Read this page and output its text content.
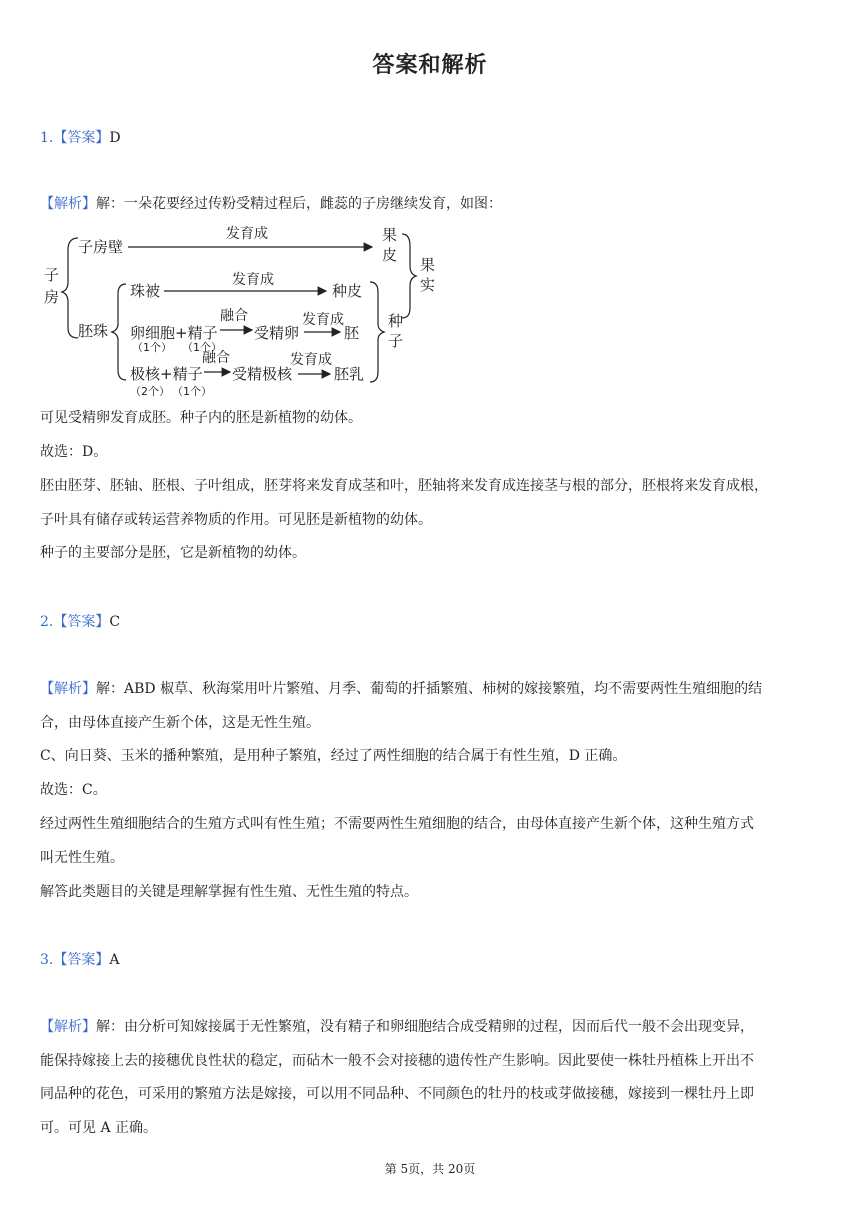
答案和解析
1.【答案】D
【解析】解：一朵花要经过传粉受精过程后，雌蕊的子房继续发育，如图：
子
房
子房壁
发育成	果
皮
胚珠
珠被
发育成
种皮
卵细胞+精子
（1个） （1个）
融合
受精卵
发育成
胚
极核+精子
（2个） （1个）
融合
受精极核
发育成
胚乳
种
子
果
实
可见受精卵发育成胚。种子内的胚是新植物的幼体。
故选：D。
胚由胚芽、胚轴、胚根、子叶组成，胚芽将来发育成茎和叶，胚轴将来发育成连接茎与根的部分，胚根将来发育成根，
子叶具有储存或转运营养物质的作用。可见胚是新植物的幼体。
种子的主要部分是胚，它是新植物的幼体。
2.【答案】C
【解析】解：ABD 椒草、秋海棠用叶片繁殖、月季、葡萄的扦插繁殖、柿树的嫁接繁殖，均不需要两性生殖细胞的结
合，由母体直接产生新个体，这是无性生殖。
C、向日葵、玉米的播种繁殖，是用种子繁殖，经过了两性细胞的结合属于有性生殖，D 正确。
故选：C。
经过两性生殖细胞结合的生殖方式叫有性生殖；不需要两性生殖细胞的结合，由母体直接产生新个体，这种生殖方式
叫无性生殖。
解答此类题目的关键是理解掌握有性生殖、无性生殖的特点。
3.【答案】A
【解析】解：由分析可知嫁接属于无性繁殖，没有精子和卵细胞结合成受精卵的过程，因而后代一般不会出现变异，
能保持嫁接上去的接穗优良性状的稳定，而砧木一般不会对接穗的遗传性产生影响。因此要使一株牡丹植株上开出不
同品种的花色，可采用的繁殖方法是嫁接，可以用不同品种、不同颜色的牡丹的枝或芽做接穗，嫁接到一棵牡丹上即
可。可见 A 正确。
第 5页，共 20页
